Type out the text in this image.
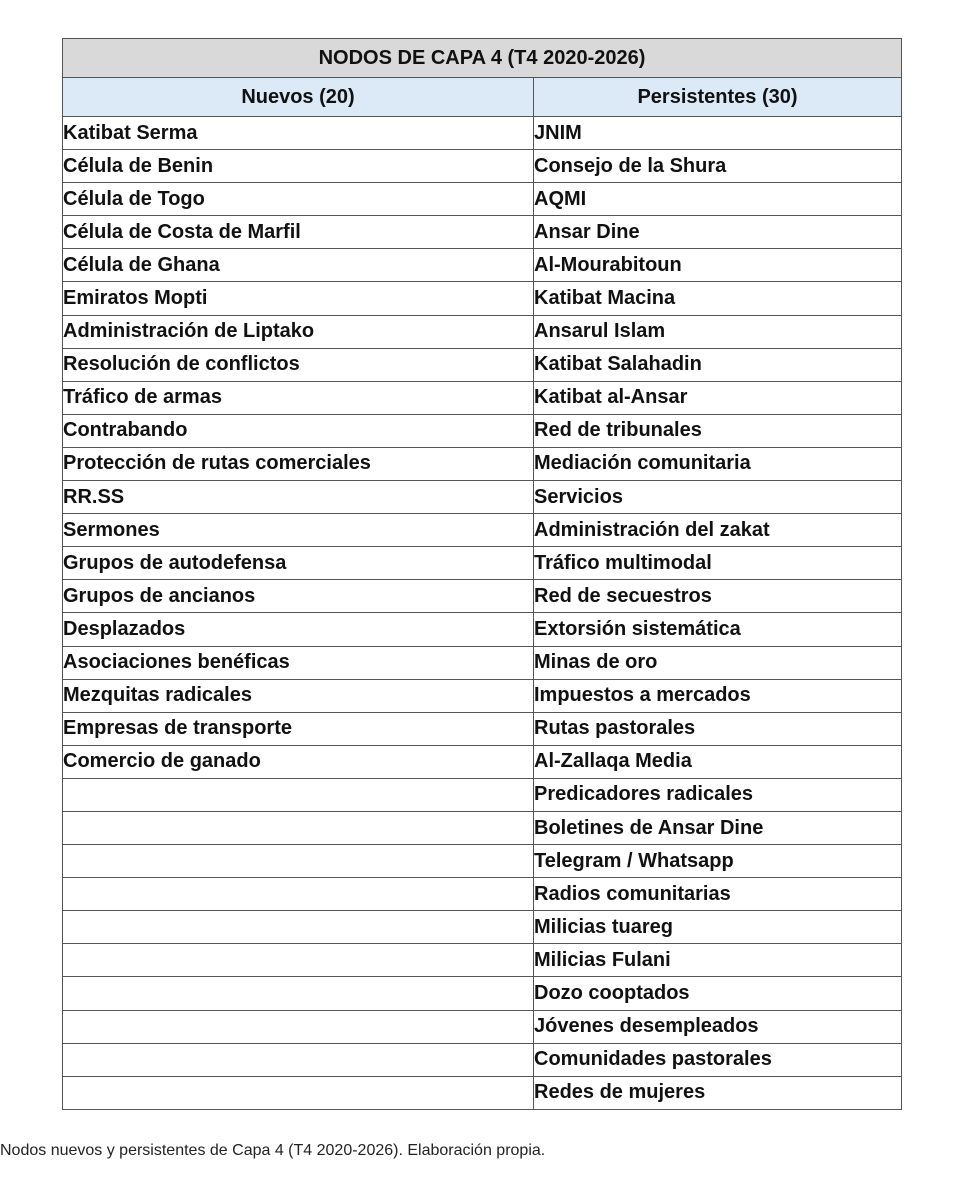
NODOS DE CAPA 4 (T4 2020-2026)	
Nuevos (20)	Persistentes (30)
Katibat Serma	JNIM
Célula de Benin	Consejo de la Shura
Célula de Togo	AQMI
Célula de Costa de Marfil	Ansar Dine
Célula de Ghana	Al-Mourabitoun
Emiratos Mopti	Katibat Macina
Administración de Liptako	Ansarul Islam
Resolución de conflictos	Katibat Salahadin
Tráfico de armas	Katibat al-Ansar
Contrabando	Red de tribunales
Protección de rutas comerciales	Mediación comunitaria
RR.SS	Servicios
Sermones	Administración del zakat
Grupos de autodefensa	Tráfico multimodal
Grupos de ancianos	Red de secuestros
Desplazados	Extorsión sistemática
Asociaciones benéficas	Minas de oro
Mezquitas radicales	Impuestos a mercados
Empresas de transporte	Rutas pastorales
Comercio de ganado	Al-Zallaqa Media
	Predicadores radicales
	Boletines de Ansar Dine
	Telegram / Whatsapp
	Radios comunitarias
	Milicias tuareg
	Milicias Fulani
	Dozo cooptados
	Jóvenes desempleados
	Comunidades pastorales
	Redes de mujeres
Nodos nuevos y persistentes de Capa 4 (T4 2020-2026). Elaboración propia.
